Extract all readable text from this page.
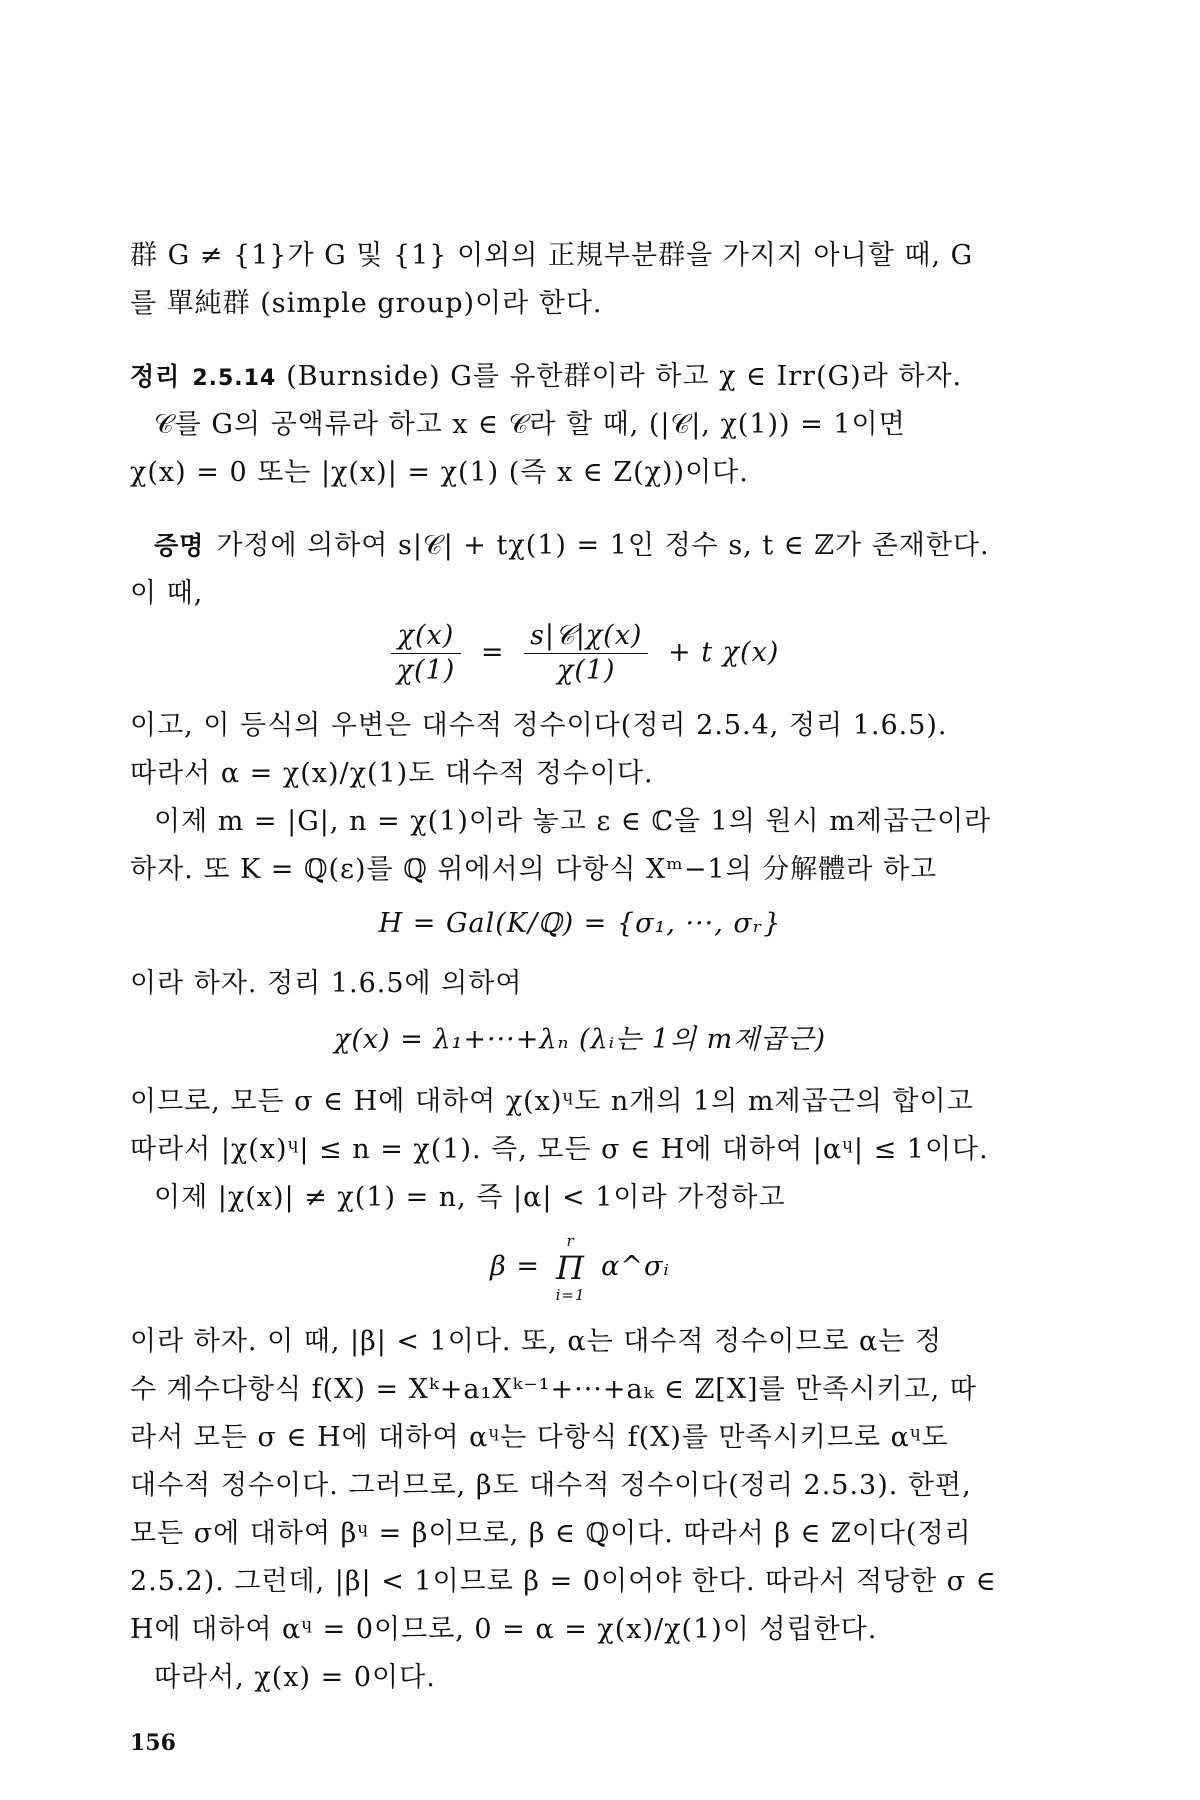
群 G ≠ {1}가 G 및 {1} 이외의 正規부분群을 가지지 아니할 때, G
를 單純群 (simple group)이라 한다.
정리 2.5.14 (Burnside) G를 유한群이라 하고 χ ∈ Irr(G)라 하자.
𝒞를 G의 공액류라 하고 x ∈ 𝒞라 할 때, (|𝒞|, χ(1)) = 1이면
χ(x) = 0 또는 |χ(x)| = χ(1) (즉 x ∈ Z(χ))이다.
증명 가정에 의하여 s|𝒞| + tχ(1) = 1인 정수 s, t ∈ ℤ가 존재한다.
이 때,
$\frac{\chi(x)}{\chi(1)} = \frac{\text{s|𝒞|χ(x)}}{\chi(1)} + t$ χ(x)
이고, 이 등식의 우변은 대수적 정수이다(정리 2.5.4, 정리 1.6.5).
따라서 α = χ(x)/χ(1)도 대수적 정수이다.
이제 m = |G|, n = χ(1)이라 놓고 ε ∈ ℂ을 1의 원시 m제곱근이라
하자. 또 K = ℚ(ε)를 ℚ 위에서의 다항식 Xᵐ−1의 分解體라 하고
H = Gal(K/ℚ) = {σ₁, ···, σᵣ}
이라 하자. 정리 1.6.5에 의하여
χ(x) = λ₁+···+λₙ (λᵢ는 1의 m제곱근)
이므로, 모든 σ ∈ H에 대하여 χ(x)ᶣ도 n개의 1의 m제곱근의 합이고
따라서 |χ(x)ᶣ| ≤ n = χ(1). 즉, 모든 σ ∈ H에 대하여 |αᶣ| ≤ 1이다.
이제 |χ(x)| ≠ χ(1) = n, 즉 |α| < 1이라 가정하고
β =
r
Π
i=1
α^σᵢ
이라 하자. 이 때, |β| < 1이다. 또, α는 대수적 정수이므로 α는 정
수 계수다항식 f(X) = Xᵏ+a₁Xᵏ⁻¹+···+aₖ ∈ ℤ[X]를 만족시키고, 따
라서 모든 σ ∈ H에 대하여 αᶣ는 다항식 f(X)를 만족시키므로 αᶣ도
대수적 정수이다. 그러므로, β도 대수적 정수이다(정리 2.5.3). 한편,
모든 σ에 대하여 βᶣ = β이므로, β ∈ ℚ이다. 따라서 β ∈ ℤ이다(정리
2.5.2). 그런데, |β| < 1이므로 β = 0이어야 한다. 따라서 적당한 σ ∈
H에 대하여 αᶣ = 0이므로, 0 = α = χ(x)/χ(1)이 성립한다.
따라서, χ(x) = 0이다.
156
